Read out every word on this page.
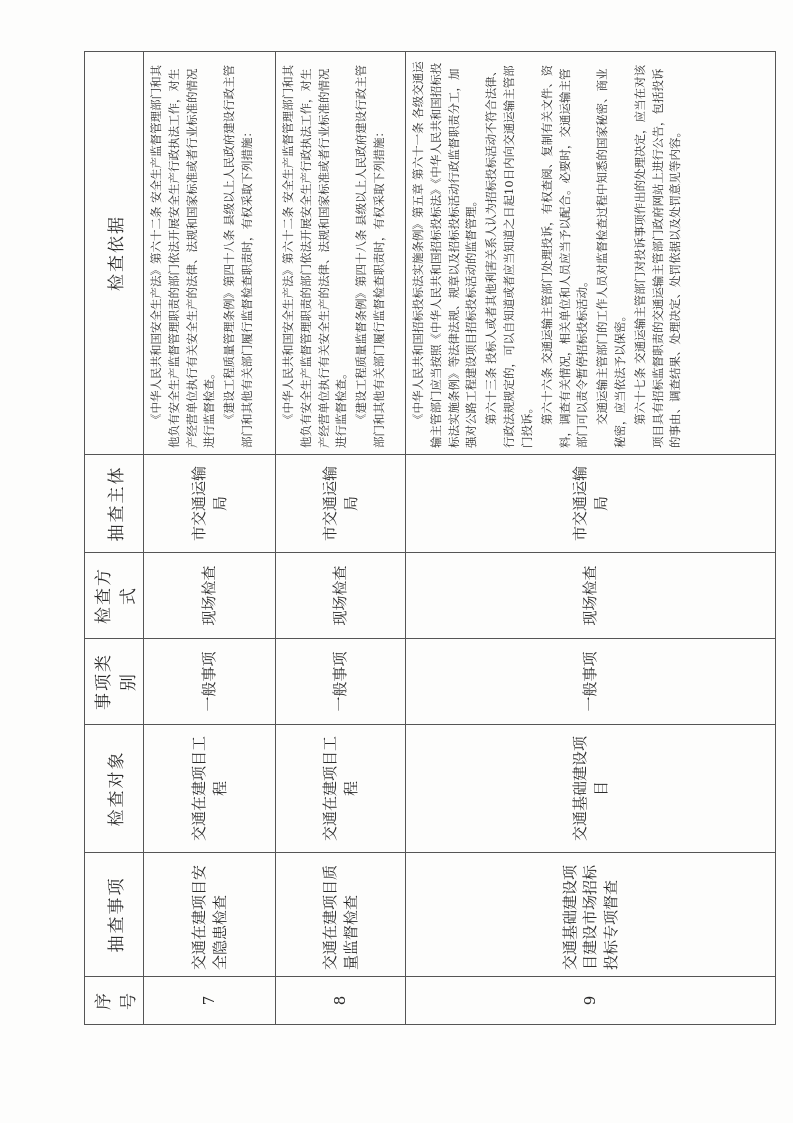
序号	抽查事项	检查对象	事项类别	检查方式	抽查主体	检查依据
7	交通在建项目安全隐患检查	交通在建项目工程	一般事项	现场检查	市交通运输局	《中华人民共和国安全生产法》第六十二条 安全生产监督管理部门和其他负有安全生产监督管理职责的部门依法开展安全生产行政执法工作，对生产经营单位执行有关安全生产的法律、法规和国家标准或者行业标准的情况进行监督检查。 《建设工程质量管理条例》第四十八条 县级以上人民政府建设行政主管部门和其他有关部门履行监督检查职责时，有权采取下列措施：

8	交通在建项目质量监督检查	交通在建项目工程	一般事项	现场检查	市交通运输局	《中华人民共和国安全生产法》第六十二条 安全生产监督管理部门和其他负有安全生产监督管理职责的部门依法开展安全生产行政执法工作，对生产经营单位执行有关安全生产的法律、法规和国家标准或者行业标准的情况进行监督检查。 《建设工程质量监督条例》第四十八条 县级以上人民政府建设行政主管部门和其他有关部门履行监督检查职责时，有权采取下列措施：

9	交通基础建设项目建设市场招标投标专项督查	交通基础建设项目	一般事项	现场检查	市交通运输局	《中华人民共和国招标投标法实施条例》第五章 第六十一条 各级交通运输主管部门应当按照《中华人民共和国招标投标法》《中华人民共和国招标投标法实施条例》等法律法规、规章以及招标投标活动行政监督职责分工，加强对公路工程建设项目招标投标活动的监督管理。 第六十三条 投标人或者其他利害关系人认为招标投标活动不符合法律、行政法规规定的，可以自知道或者应当知道之日起10日内向交通运输主管部门投诉。 第六十六条 交通运输主管部门处理投诉，有权查阅、复制有关文件、资料，调查有关情况，相关单位和人员应当予以配合。必要时，交通运输主管部门可以责令暂停招标投标活动。 交通运输主管部门的工作人员对监督检查过程中知悉的国家秘密、商业秘密，应当依法予以保密。 第六十七条 交通运输主管部门对投诉事项作出的处理决定，应当在对该项目具有招标监督职责的交通运输主管部门政府网站上进行公告，包括投诉的事由、调查结果、处理决定、处罚依据以及处罚意见等内容。
